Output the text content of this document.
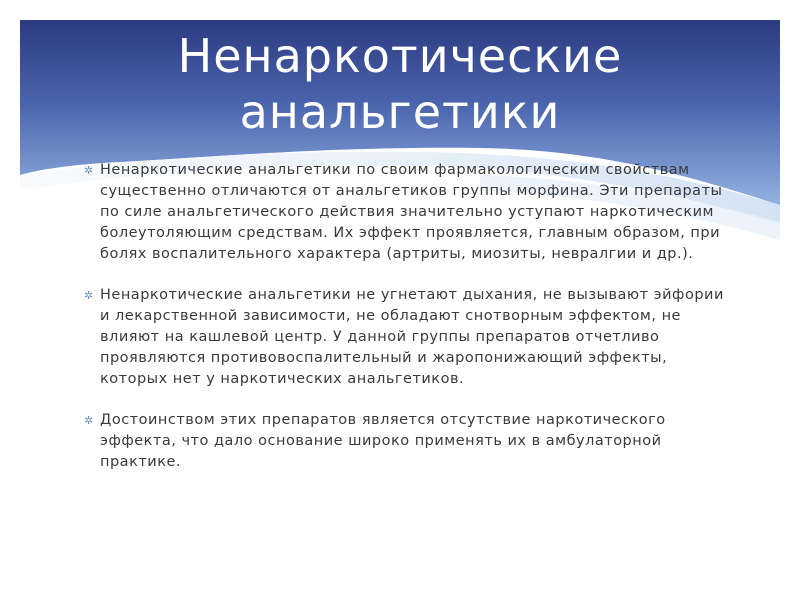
Ненаркотические
анальгетики
✲ Ненаркотические анальгетики по своим фармакологическим свойствам существенно отличаются от анальгетиков группы морфина. Эти препараты по силе анальгетического действия значительно уступают наркотическим болеутоляющим средствам. Их эффект проявляется, главным образом, при болях воспалительного характера (артриты, миозиты, невралгии и др.).

✲ Ненаркотические анальгетики не угнетают дыхания, не вызывают эйфории и лекарственной зависимости, не обладают снотворным эффектом, не влияют на кашлевой центр. У данной группы препаратов отчетливо проявляются противовоспалительный и жаропонижающий эффекты, которых нет у наркотических анальгетиков.

✲ Достоинством этих препаратов является отсутствие наркотического эффекта, что дало основание широко применять их в амбулаторной практике.
